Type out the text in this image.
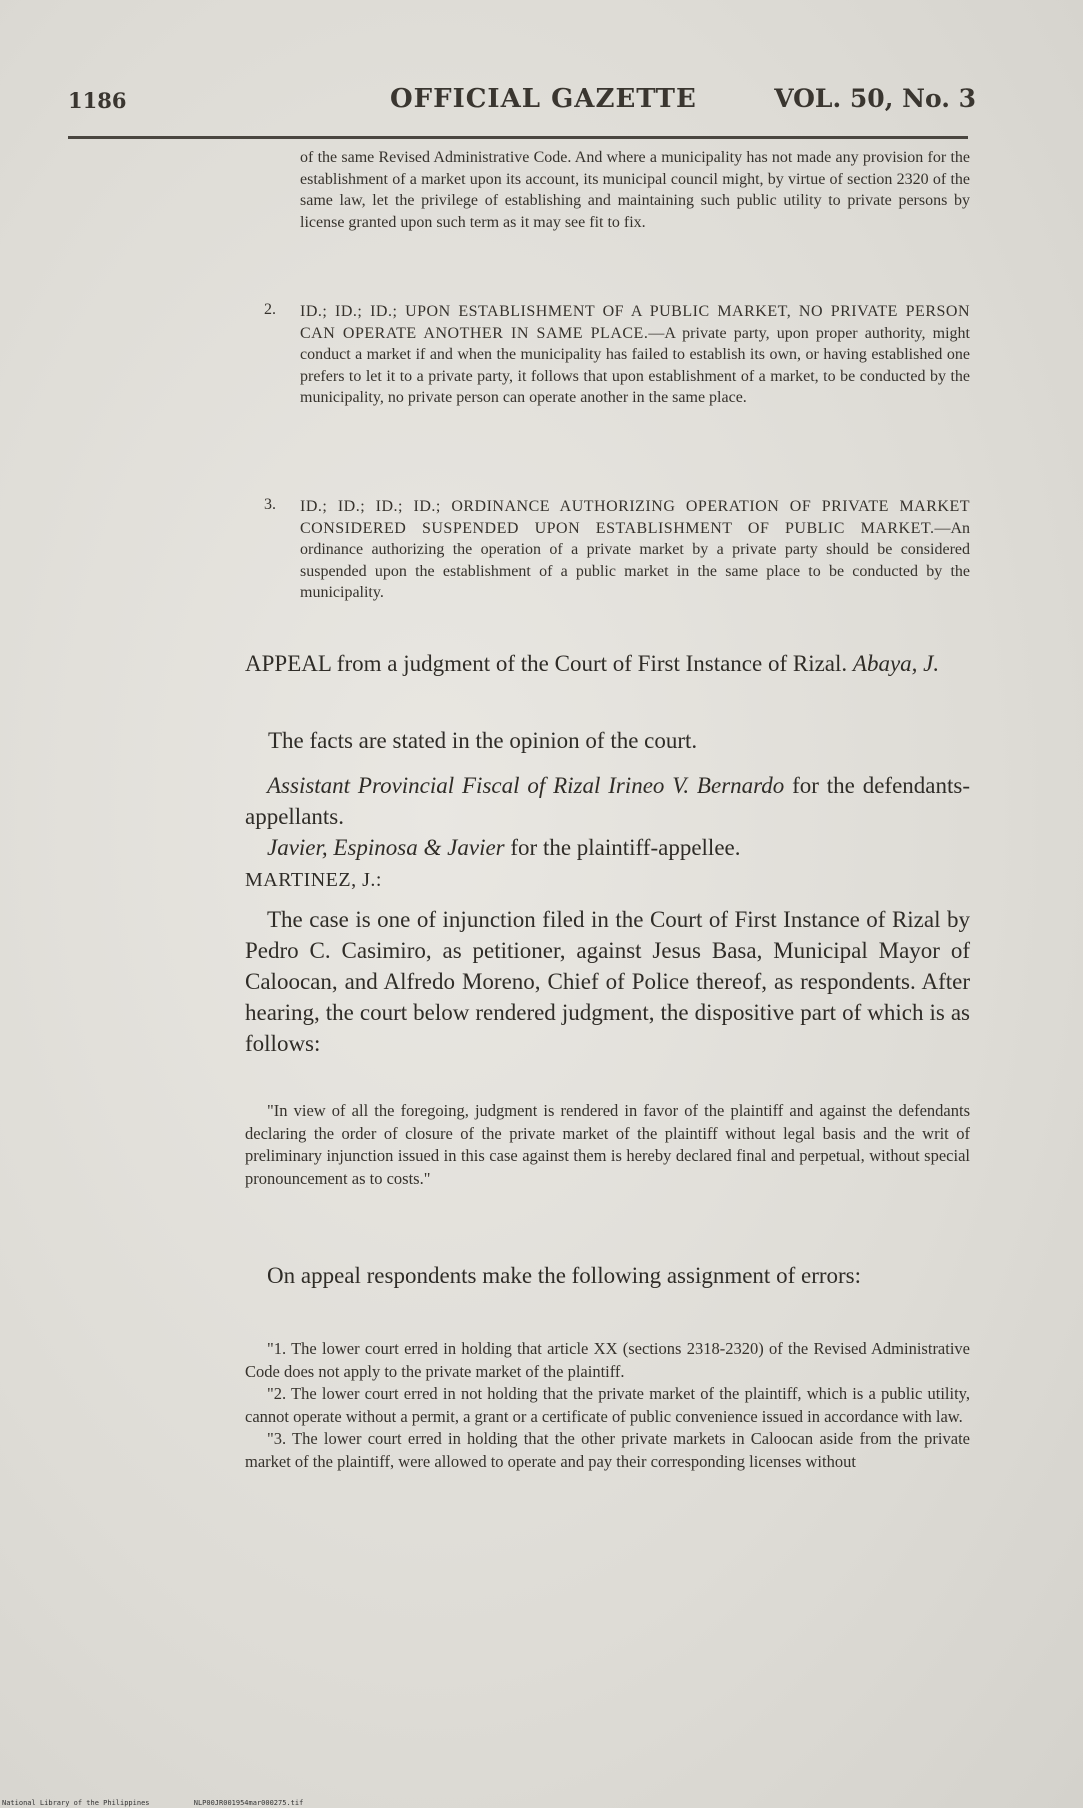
1186	OFFICIAL GAZETTE	VOL. 50, No. 3
of the same Revised Administrative Code. And where a municipality has not made any provision for the establishment of a market upon its account, its municipal council might, by virtue of section 2320 of the same law, let the privilege of establishing and maintaining such public utility to private persons by license granted upon such term as it may see fit to fix.
2.	ID.; ID.; ID.; UPON ESTABLISHMENT OF A PUBLIC MARKET, NO PRIVATE PERSON CAN OPERATE ANOTHER IN SAME PLACE.—A private party, upon proper authority, might conduct a market if and when the municipality has failed to establish its own, or having established one prefers to let it to a private party, it follows that upon establishment of a market, to be conducted by the municipality, no private person can operate another in the same place.
3.	ID.; ID.; ID.; ID.; ORDINANCE AUTHORIZING OPERATION OF PRIVATE MARKET CONSIDERED SUSPENDED UPON ESTABLISHMENT OF PUBLIC MARKET.—An ordinance authorizing the operation of a private market by a private party should be considered suspended upon the establishment of a public market in the same place to be conducted by the municipality.
APPEAL from a judgment of the Court of First Instance of Rizal. Abaya, J.
The facts are stated in the opinion of the court.
Assistant Provincial Fiscal of Rizal Irineo V. Bernardo for the defendants-appellants.
Javier, Espinosa & Javier for the plaintiff-appellee.
MARTINEZ, J.:
The case is one of injunction filed in the Court of First Instance of Rizal by Pedro C. Casimiro, as petitioner, against Jesus Basa, Municipal Mayor of Caloocan, and Alfredo Moreno, Chief of Police thereof, as respondents. After hearing, the court below rendered judgment, the dispositive part of which is as follows:
"In view of all the foregoing, judgment is rendered in favor of the plaintiff and against the defendants declaring the order of closure of the private market of the plaintiff without legal basis and the writ of preliminary injunction issued in this case against them is hereby declared final and perpetual, without special pronouncement as to costs."
On appeal respondents make the following assignment of errors:
"1. The lower court erred in holding that article XX (sections 2318-2320) of the Revised Administrative Code does not apply to the private market of the plaintiff.
"2. The lower court erred in not holding that the private market of the plaintiff, which is a public utility, cannot operate without a permit, a grant or a certificate of public convenience issued in accordance with law.
"3. The lower court erred in holding that the other private markets in Caloocan aside from the private market of the plaintiff, were allowed to operate and pay their corresponding licenses without
National Library of the Philippines	NLP00JR001954mar000275.tif
